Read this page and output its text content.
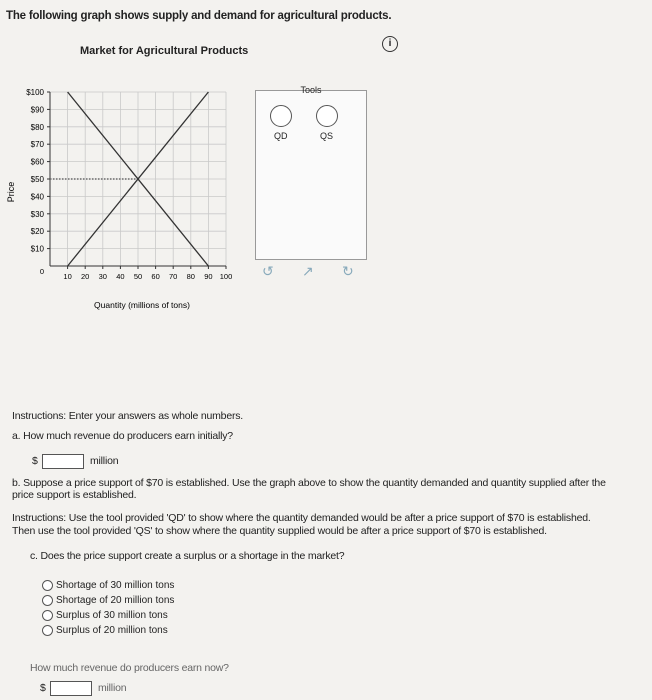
The following graph shows supply and demand for agricultural products.
Market for Agricultural Products
i
$10
$20
$30
$40
$50
$60
$70
$80
$90
$100
10 20 30 40 50 60 70 80 90 100
0
Price
Quantity (millions of tons)
Tools
QD	QS
↺ ↗ ↻
Instructions: Enter your answers as whole numbers.
a. How much revenue do producers earn initially?
$	million
b. Suppose a price support of $70 is established. Use the graph above to show the quantity demanded and quantity supplied after the price support is established.
Instructions: Use the tool provided 'QD' to show where the quantity demanded would be after a price support of $70 is established.
Then use the tool provided 'QS' to show where the quantity supplied would be after a price support of $70 is established.
c. Does the price support create a surplus or a shortage in the market?
Shortage of 30 million tons
Shortage of 20 million tons
Surplus of 30 million tons
Surplus of 20 million tons
How much revenue do producers earn now?
$	million
